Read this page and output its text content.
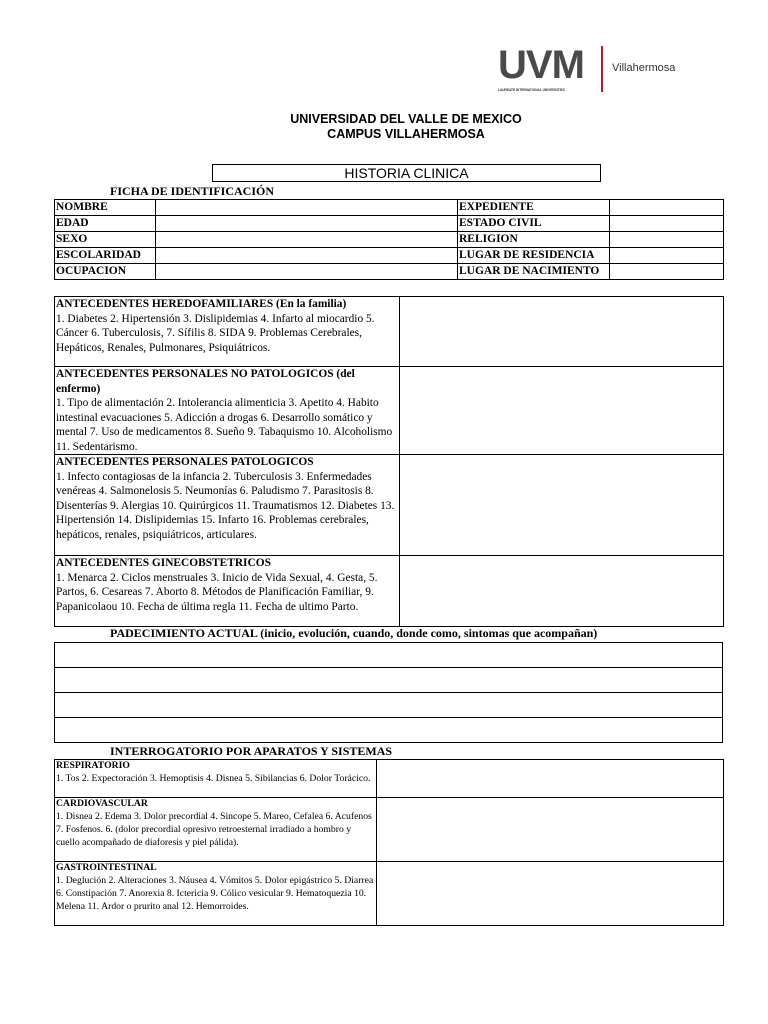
UVM
LAUREATE INTERNATIONAL UNIVERSITIES
Villahermosa
UNIVERSIDAD DEL VALLE DE MEXICO
CAMPUS VILLAHERMOSA
HISTORIA CLINICA
FICHA DE IDENTIFICACIÓN
NOMBRE		EXPEDIENTE	
EDAD		ESTADO CIVIL	
SEXO		RELIGION	
ESCOLARIDAD		LUGAR DE RESIDENCIA	
OCUPACION		LUGAR DE NACIMIENTO	
ANTECEDENTES HEREDOFAMILIARES (En la familia)
1. Diabetes 2. Hipertensión 3. Dislipidemias 4. Infarto al miocardio 5. Cáncer 6. Tuberculosis, 7. Sífilis 8. SIDA 9. Problemas Cerebrales, Hepáticos, Renales, Pulmonares, Psiquiátricos.	

ANTECEDENTES PERSONALES NO PATOLOGICOS (del enfermo)
1. Tipo de alimentación 2. Intolerancia alimenticia 3. Apetito 4. Habito intestinal evacuaciones 5. Adicción a drogas 6. Desarrollo somático y mental 7. Uso de medicamentos 8. Sueño 9. Tabaquismo 10. Alcoholismo 11. Sedentarismo.	

ANTECEDENTES PERSONALES PATOLOGICOS
1. Infecto contagiosas de la infancia 2. Tuberculosis 3. Enfermedades venéreas 4. Salmonelosis 5. Neumonías 6. Paludismo 7. Parasitosis 8. Disenterías 9. Alergias 10. Quirúrgicos 11. Traumatismos 12. Diabetes 13. Hipertensión 14. Dislipidemias 15. Infarto 16. Problemas cerebrales, hepáticos, renales, psiquiátricos, articulares.	

ANTECEDENTES GINECOBSTETRICOS
1. Menarca 2. Ciclos menstruales 3. Inicio de Vida Sexual, 4. Gesta, 5. Partos, 6. Cesareas 7. Aborto 8. Métodos de Planificación Familiar, 9. Papanicolaou 10. Fecha de última regla 11. Fecha de ultimo Parto.	

PADECIMIENTO ACTUAL (inicio, evolución, cuando, donde como, sintomas que acompañan)

INTERROGATORIO POR APARATOS Y SISTEMAS
RESPIRATORIO
1. Tos 2. Expectoración 3. Hemoptisis 4. Disnea 5. Sibilancias 6. Dolor Torácico.	

CARDIOVASCULAR
1. Disnea 2. Edema 3. Dolor precordial 4. Sincope 5. Mareo, Cefalea 6. Acufenos 7. Fosfenos. 6. (dolor precordial opresivo retroesternal irradiado a hombro y cuello acompañado de diaforesis y piel pálida).	

GASTROINTESTINAL
1. Deglución 2. Alteraciones 3. Náusea 4. Vómitos 5. Dolor epigástrico 5. Diarrea 6. Constipación 7. Anorexia 8. Ictericia 9. Cólico vesicular 9. Hematoquezia 10. Melena 11. Ardor o prurito anal 12. Hemorroides.	
